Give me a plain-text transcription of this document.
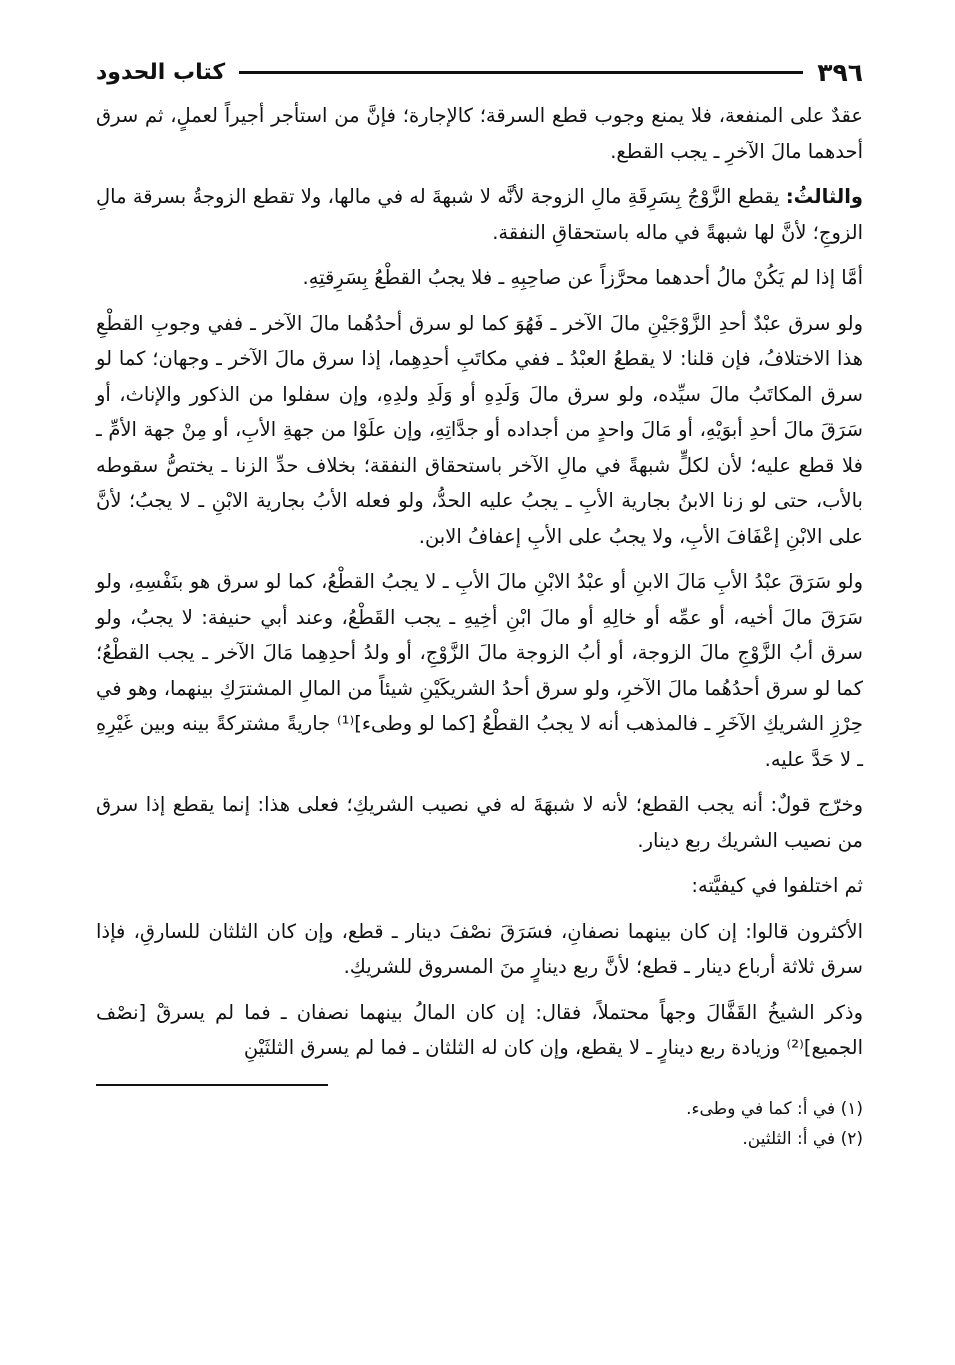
٣٩٦
كتاب الحدود

عقدٌ على المنفعة، فلا يمنع وجوب قطع السرقة؛ كالإجارة؛ فإنَّ من استأجر أجيراً لعملٍ، ثم سرق أحدهما مالَ الآخرِ ـ يجب القطع.

والثالثُ: يقطع الزَّوْجُ بِسَرِقَةِ مالِ الزوجة لأنَّه لا شبهةَ له في مالها، ولا تقطع الزوجةُ بسرقة مالِ الزوجِ؛ لأنَّ لها شبهةً في ماله باستحقاقِ النفقة.

أمَّا إذا لم يَكُنْ مالُ أحدهما محرَّزاً عن صاحِبِهِ ـ فلا يجبُ القطْعُ بِسَرِقتِهِ.

ولو سرق عبْدٌ أحدِ الزَّوْجَيْنِ مالَ الآخر ـ فَهُوَ كما لو سرق أحدُهُما مالَ الآخر ـ ففي وجوبِ القطْعِ هذا الاختلافُ، فإن قلنا: لا يقطعُ العبْدُ ـ ففي مكاتَبِ أحدِهِما، إذا سرق مالَ الآخر ـ وجهان؛ كما لو سرق المكاتَبُ مالَ سيِّده، ولو سرق مالَ وَلَدِهِ أو وَلَدِ ولدِهِ، وإن سفلوا من الذكور والإناث، أو سَرَقَ مالَ أحدِ أبوَيْهِ، أو مَالَ واحدٍ من أجداده أو جدَّاتِهِ، وإن علَوْا من جهةِ الأبِ، أو مِنْ جهة الأمِّ ـ فلا قطع عليه؛ لأن لكلٍّ شبهةً في مالِ الآخر باستحقاق النفقة؛ بخلاف حدِّ الزنا ـ يختصُّ سقوطه بالأب، حتى لو زنا الابنُ بجارية الأبِ ـ يجبُ عليه الحدُّ، ولو فعله الأبُ بجارية الابْنِ ـ لا يجبُ؛ لأنَّ على الابْنِ إعْفَافَ الأبِ، ولا يجبُ على الأبِ إعفافُ الابن.

ولو سَرَقَ عبْدُ الأبِ مَالَ الابنِ أو عبْدُ الابْنِ مالَ الأبِ ـ لا يجبُ القطْعُ، كما لو سرق هو بنَفْسِهِ، ولو سَرَقَ مالَ أخيه، أو عمِّه أو خالِهِ أو مالَ ابْنِ أخِيهِ ـ يجب القَطْعُ، وعند أبي حنيفة: لا يجبُ، ولو سرق أبُ الزَّوْجِ مالَ الزوجة، أو أبُ الزوجة مالَ الزَّوْجِ، أو ولدُ أحدِهِما مَالَ الآخر ـ يجب القطْعُ؛ كما لو سرق أحدُهُما مالَ الآخرِ، ولو سرق أحدُ الشريكَيْنِ شيئاً من المالِ المشترَكِ بينهما، وهو في حِرْزِ الشريكِ الآخَرِ ـ فالمذهب أنه لا يجبُ القطْعُ [كما لو وطىء]⁽¹⁾ جاريةً مشتركةً بينه وبين غَيْرِهِ ـ لا حَدَّ عليه.

وخرّج قولٌ: أنه يجب القطع؛ لأنه لا شبهَةَ له في نصيب الشريكِ؛ فعلى هذا: إنما يقطع إذا سرق من نصيب الشريك ربع دينار.

ثم اختلفوا في كيفيَّته:

الأكثرون قالوا: إن كان بينهما نصفانِ، فسَرَقَ نصْفَ دينار ـ قطع، وإن كان الثلثان للسارقِ، فإذا سرق ثلاثة أرباع دينار ـ قطع؛ لأنَّ ربع دينارٍ منَ المسروق للشريكِ.

وذكر الشيخُ القَفَّالَ وجهاً محتملاً، فقال: إن كان المالُ بينهما نصفان ـ فما لم يسرقْ [نصْف الجميع]⁽²⁾ وزيادة ربع دينارٍ ـ لا يقطع، وإن كان له الثلثان ـ فما لم يسرق الثلثَيْنِ

(١) في أ: كما في وطىء.

(٢) في أ: الثلثين.
